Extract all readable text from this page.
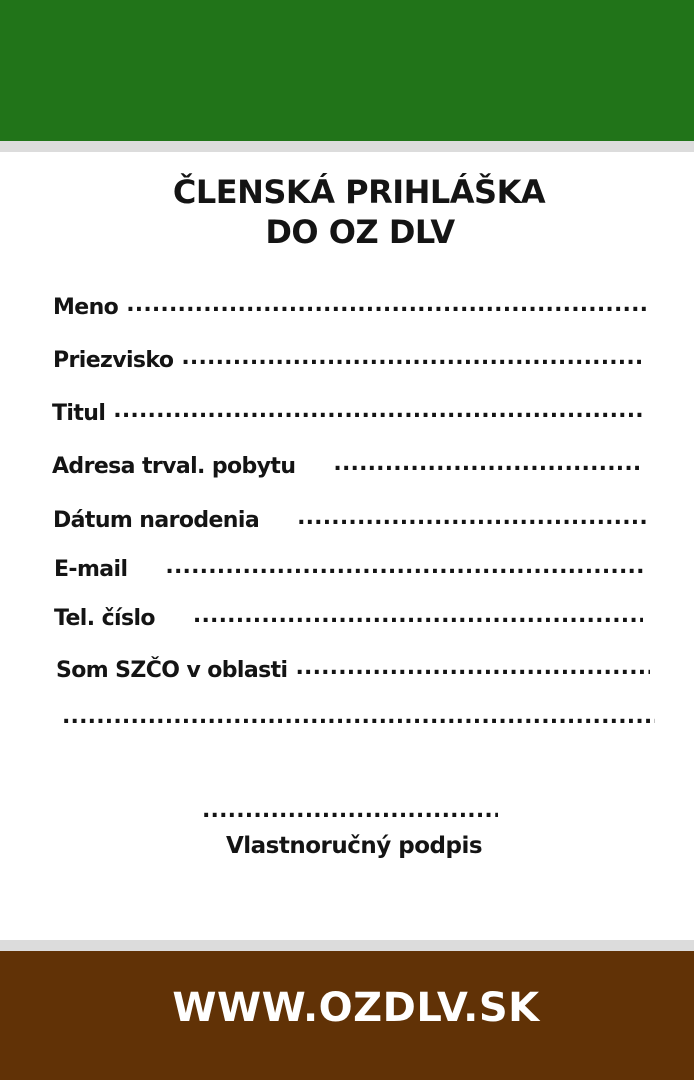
ČLENSKÁ PRIHLÁŠKA
DO OZ DLV
Meno
.....
Priezvisko
.....
Titul
.....
Adresa trval. pobytu
.....
Dátum narodenia
.....
E-mail
.....
Tel. číslo
.....
Som SZČO v oblasti
.....
.....
.....
Vlastnoručný podpis
WWW.OZDLV.SK
